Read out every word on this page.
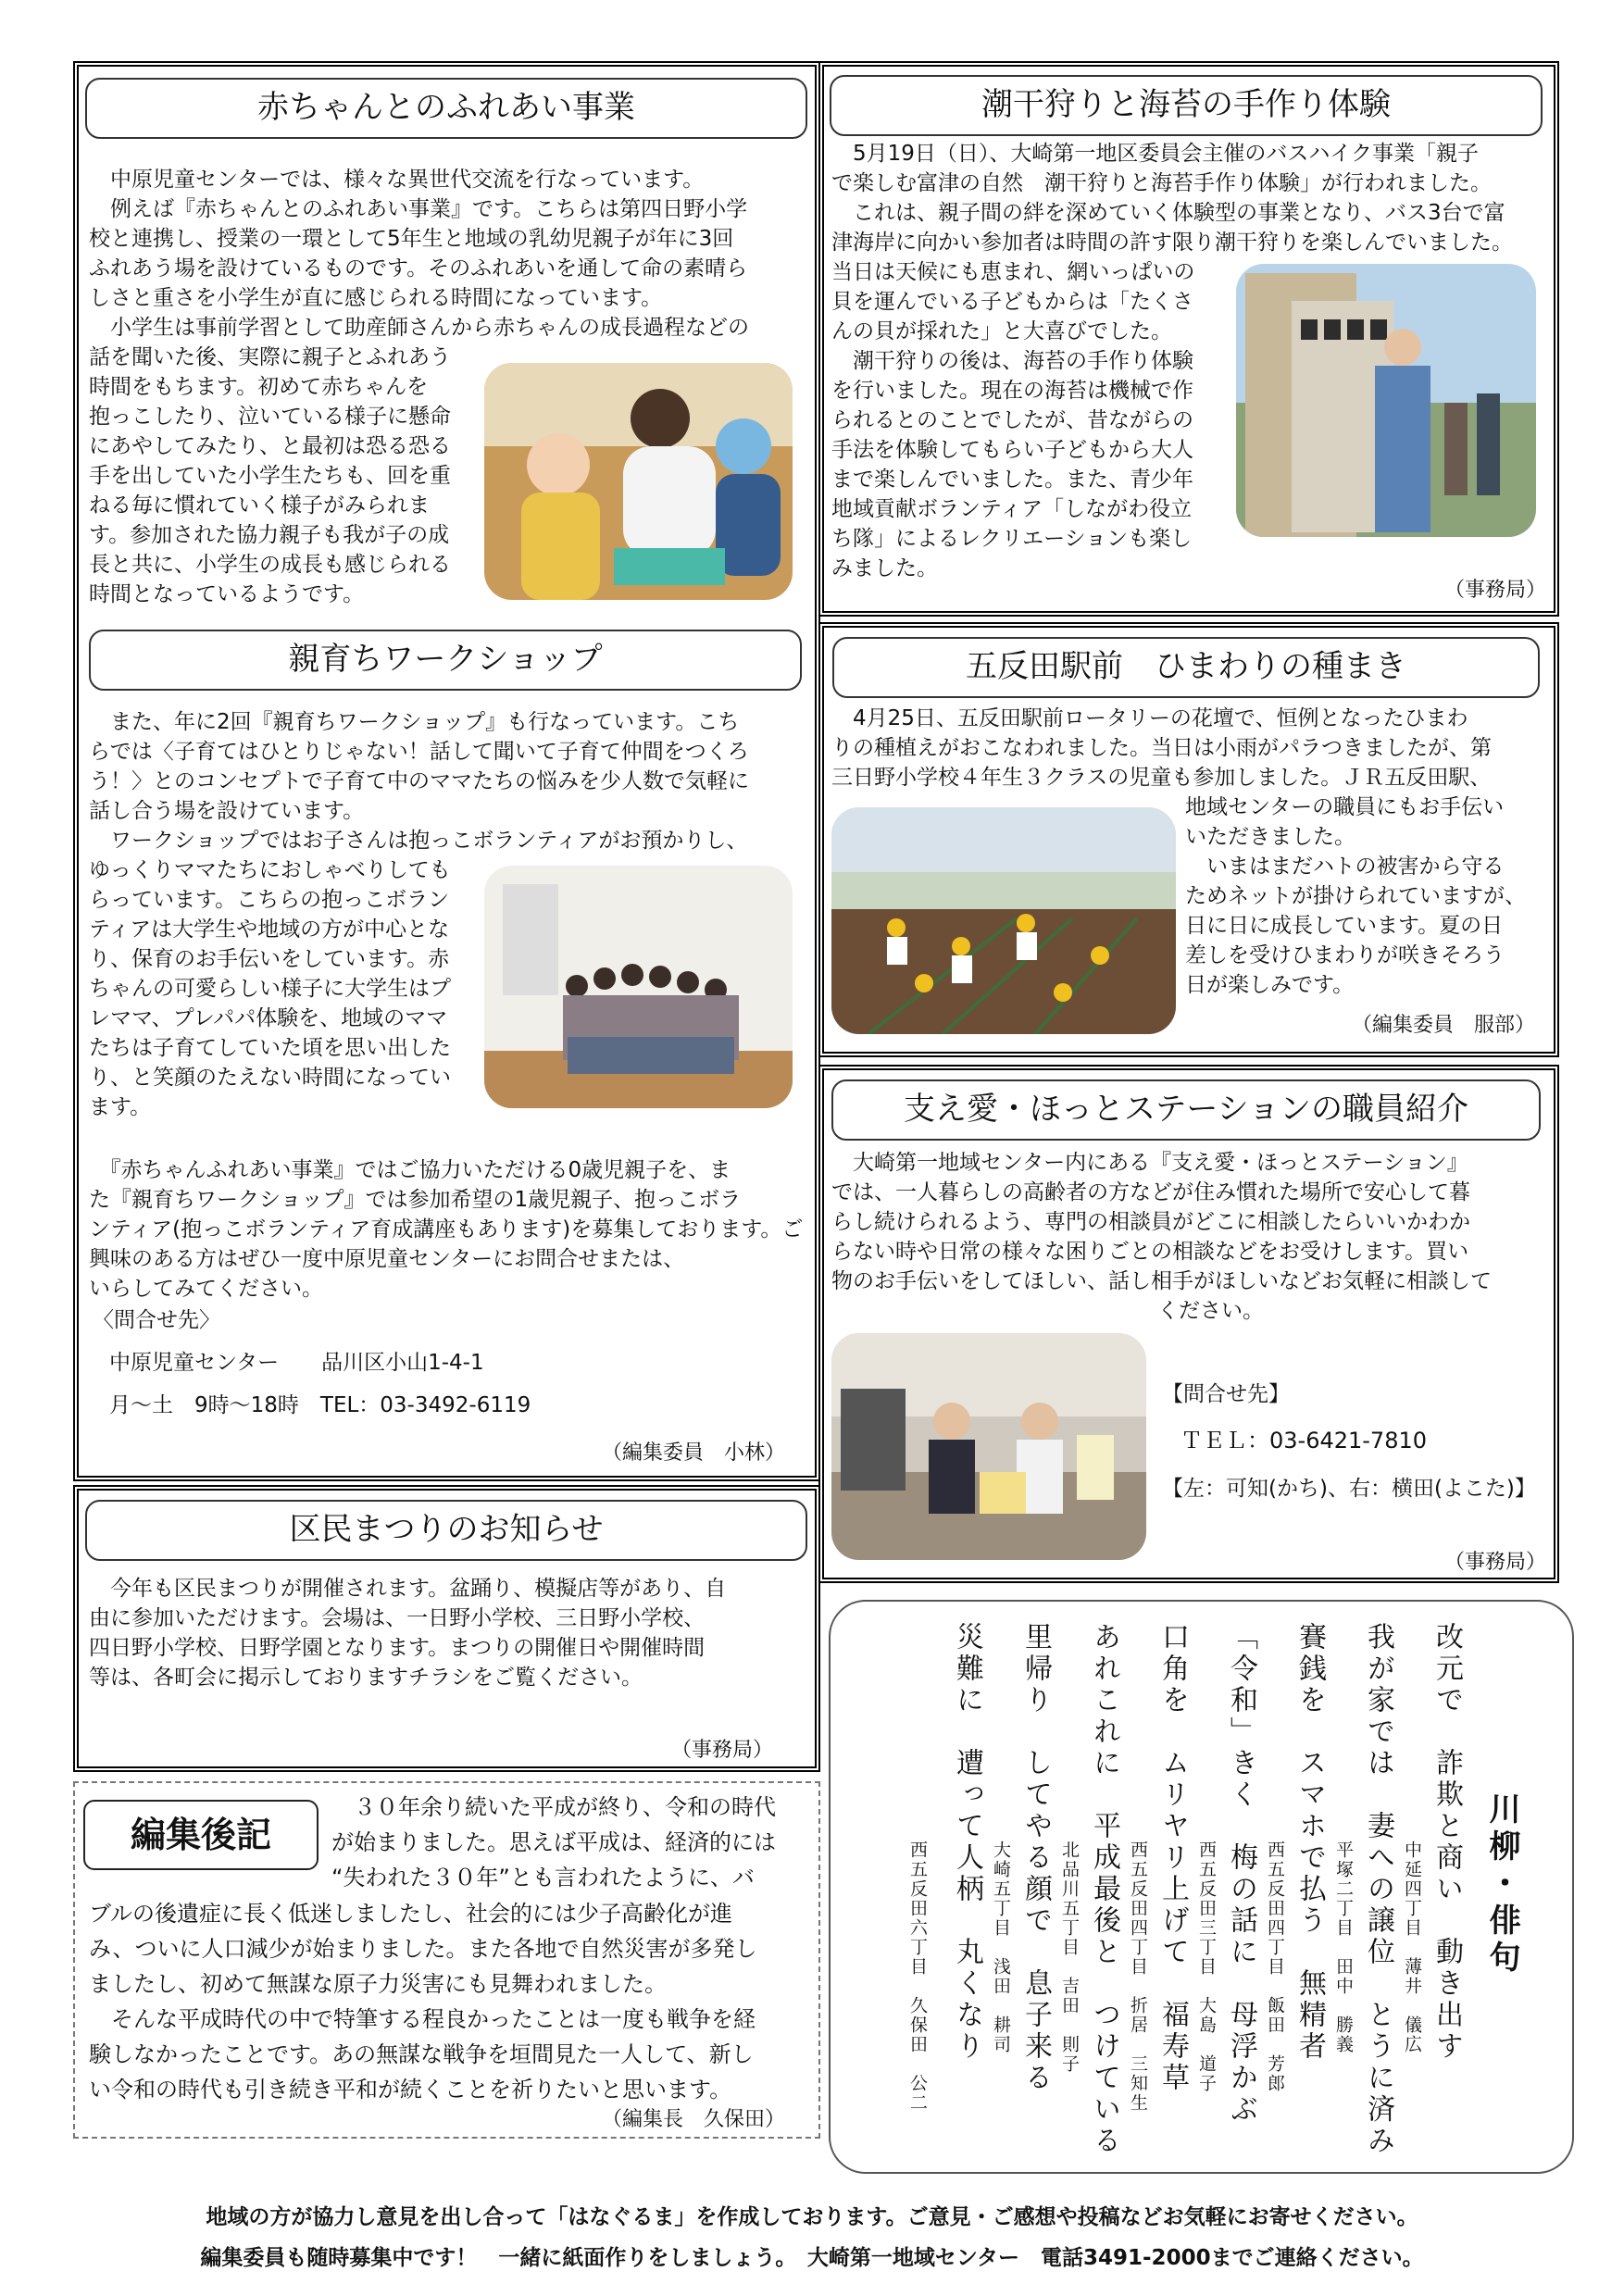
赤ちゃんとのふれあい事業

　中原児童センターでは、様々な異世代交流を行なっています。
　例えば『赤ちゃんとのふれあい事業』です。こちらは第四日野小学
校と連携し、授業の一環として5年生と地域の乳幼児親子が年に3回
ふれあう場を設けているものです。そのふれあいを通して命の素晴ら
しさと重さを小学生が直に感じられる時間になっています。
　小学生は事前学習として助産師さんから赤ちゃんの成長過程などの

話を聞いた後、実際に親子とふれあう
時間をもちます。初めて赤ちゃんを
抱っこしたり、泣いている様子に懸命
にあやしてみたり、と最初は恐る恐る
手を出していた小学生たちも、回を重
ねる毎に慣れていく様子がみられま
す。参加された協力親子も我が子の成
長と共に、小学生の成長も感じられる
時間となっているようです。

親育ちワークショップ

　また、年に2回『親育ちワークショップ』も行なっています。こち
らでは〈子育てはひとりじゃない！話して聞いて子育て仲間をつくろ
う！〉とのコンセプトで子育て中のママたちの悩みを少人数で気軽に
話し合う場を設けています。
　ワークショップではお子さんは抱っこボランティアがお預かりし、

ゆっくりママたちにおしゃべりしても
らっています。こちらの抱っこボラン
ティアは大学生や地域の方が中心とな
り、保育のお手伝いをしています。赤
ちゃんの可愛らしい様子に大学生はプ
レママ、プレパパ体験を、地域のママ
たちは子育てしていた頃を思い出した
り、と笑顔のたえない時間になってい
ます。

　『赤ちゃんふれあい事業』ではご協力いただける0歳児親子を、ま
た『親育ちワークショップ』では参加希望の1歳児親子、抱っこボラ
ンティア(抱っこボランティア育成講座もあります)を募集しております。ご興味のある方はぜひ一度中原児童センターにお問合せまたは、
いらしてみてください。

〈問合せ先〉
中原児童センター　　品川区小山1-4-1
月〜土　9時〜18時　TEL：03-3492-6119
（編集委員　小林）
潮干狩りと海苔の手作り体験

　5月19日（日）、大崎第一地区委員会主催のバスハイク事業「親子
で楽しむ富津の自然　潮干狩りと海苔手作り体験」が行われました。
　これは、親子間の絆を深めていく体験型の事業となり、バス3台で富
津海岸に向かい参加者は時間の許す限り潮干狩りを楽しんでいました。

当日は天候にも恵まれ、網いっぱいの
貝を運んでいる子どもからは「たくさ
んの貝が採れた」と大喜びでした。
　潮干狩りの後は、海苔の手作り体験
を行いました。現在の海苔は機械で作
られるとのことでしたが、昔ながらの
手法を体験してもらい子どもから大人
まで楽しんでいました。また、青少年
地域貢献ボランティア「しながわ役立
ち隊」によるレクリエーションも楽し
みました。

（事務局）
五反田駅前　ひまわりの種まき

　4月25日、五反田駅前ロータリーの花壇で、恒例となったひまわ
りの種植えがおこなわれました。当日は小雨がパラつきましたが、第
三日野小学校４年生３クラスの児童も参加しました。ＪＲ五反田駅、

地域センターの職員にもお手伝い
いただきました。
　いまはまだハトの被害から守る
ためネットが掛けられていますが、
日に日に成長しています。夏の日
差しを受けひまわりが咲きそろう
日が楽しみです。

（編集委員　服部）
支え愛・ほっとステーションの職員紹介

　大崎第一地域センター内にある『支え愛・ほっとステーション』
では、一人暮らしの高齢者の方などが住み慣れた場所で安心して暮
らし続けられるよう、専門の相談員がどこに相談したらいいかわか
らない時や日常の様々な困りごとの相談などをお受けします。買い
物のお手伝いをしてほしい、話し相手がほしいなどお気軽に相談して

ください。

【問合せ先】
ＴＥＬ：03-6421-7810
【左：可知(かち)、右：横田(よこた)】
（事務局）
区民まつりのお知らせ

　今年も区民まつりが開催されます。盆踊り、模擬店等があり、自
由に参加いただけます。会場は、一日野小学校、三日野小学校、
四日野小学校、日野学園となります。まつりの開催日や開催時間
等は、各町会に掲示しておりますチラシをご覧ください。

（事務局）
編集後記

　３０年余り続いた平成が終り、令和の時代
が始まりました。思えば平成は、経済的には
“失われた３０年”とも言われたように、バ

ブルの後遺症に長く低迷しましたし、社会的には少子高齢化が進
み、ついに人口減少が始まりました。また各地で自然災害が多発し
ましたし、初めて無謀な原子力災害にも見舞われました。
　そんな平成時代の中で特筆する程良かったことは一度も戦争を経
験しなかったことです。あの無謀な戦争を垣間見た一人して、新し
い令和の時代も引き続き平和が続くことを祈りたいと思います。

（編集長　久保田）
川柳・俳句
改元で　詐欺と商い　動き出す
中延四丁目　薄井　儀広
我が家では　妻への譲位　とうに済み
平塚二丁目　田中　勝義
賽銭を　スマホで払う　無精者
西五反田四丁目　飯田　芳郎
「令和」きく　梅の話に　母浮かぶ
西五反田三丁目　大島　道子
口角を　ムリヤリ上げて　福寿草
西五反田四丁目　折居　三知生
あれこれに　平成最後と　つけている
北品川五丁目　吉田　則子
里帰り　してやる顔で　息子来る
大崎五丁目　浅田　耕司
災難に　遭って人柄　丸くなり
西五反田六丁目　久保田　公二
地域の方が協力し意見を出し合って「はなぐるま」を作成しております。ご意見・ご感想や投稿などお気軽にお寄せください。
編集委員も随時募集中です！　一緒に紙面作りをしましょう。　大崎第一地域センター　電話3491-2000までご連絡ください。
